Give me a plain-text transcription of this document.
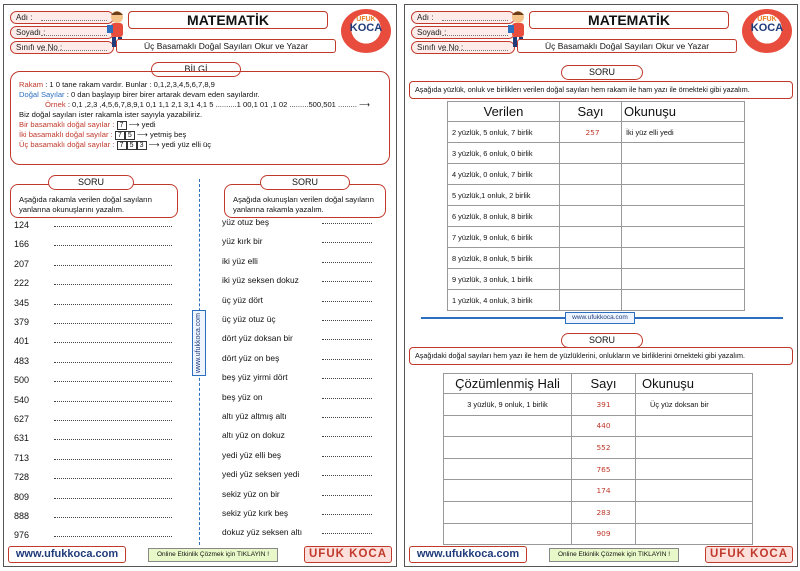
Adı :
Soyadı :
Sınıfı ve No :
MATEMATİK
Üç Basamaklı Doğal Sayıları Okur ve Yazar
UFUK
KOCA
BİLGİ
Rakam : 1 0 tane rakam vardır. Bunlar : 0,1,2,3,4,5,6,7,8,9
Doğal Sayılar : 0 dan başlayıp birer birer artarak devam eden sayılardır.
Örnek : 0,1 ,2,3 ,4,5,6,7,8,9,1 0,1 1,1 2,1 3,1 4,1 5 ..........1 00,1 01 ,1 02 .........500,501 ......... ⟶
Biz doğal sayıları ister rakamla ister sayıyla yazabiliriz.
Bir basamaklı doğal sayılar : 7 ⟶ yedi
İki basamaklı doğal sayılar : 7 5 ⟶ yetmiş beş
Üç basamaklı doğal sayılar : 7 5 3 ⟶ yedi yüz elli üç
Aşağıda rakamla verilen doğal sayıların yanlarına okunuşlarını yazalım.
SORU
Aşağıda okunuşları verilen doğal sayıların yanlarına rakamla yazalım.
SORU
124
166
207
222
345
379
401
483
500
540
627
631
713
728
809
888
976
yüz otuz beş
yüz kırk bir
iki yüz elli
iki yüz seksen dokuz
üç yüz dört
üç yüz otuz üç
dört yüz doksan bir
dört yüz on beş
beş yüz yirmi dört
beş yüz on
altı yüz altmış altı
altı yüz on dokuz
yedi yüz elli beş
yedi yüz seksen yedi
sekiz yüz on bir
sekiz yüz kırk beş
dokuz yüz seksen altı
www.ufukkoca.com
www.ufukkoca.com	Online Etkinlik Çözmek için TIKLAYIN !	UFUK KOCA
Adı :
Soyadı :
Sınıfı ve No :
MATEMATİK
Üç Basamaklı Doğal Sayıları Okur ve Yazar
UFUK
KOCA
SORU
Aşağıda yüzlük, onluk ve birliklerı verilen doğal sayıları hem rakam ile ham yazı ile örnekteki gibi yazalım.
Verilen	Sayı	Okunuşu
2 yüzlük, 5 onluk, 7 birlik	257	İki yüz elli yedi
3 yüzlük, 6 onluk, 0 birlik		
4 yüzlük, 0 onluk, 7 birlik		
5 yüzlük,1 onluk, 2 birlik		
6 yüzlük, 8 onluk, 8 birlik		
7 yüzlük, 9 onluk, 6 birlik		
8 yüzlük, 8 onluk, 5 birlik		
9 yüzlük, 3 onluk, 1 birlik		
1 yüzlük, 4 onluk, 3 birlik		
www.ufukkoca.com
SORU
Aşağıdaki doğal sayıları hem yazı ile hem de yüzlüklerini, onlukların ve birliklerini örnekteki gibi yazalım.
Çözümlenmiş Hali	Sayı	Okunuşu
3 yüzlük, 9 onluk, 1 birlik	391	Üç yüz doksan bir
	440	
	552	
	765	
	174	
	283	
	909	
www.ufukkoca.com	Online Etkinlik Çözmek için TIKLAYIN !	UFUK KOCA
